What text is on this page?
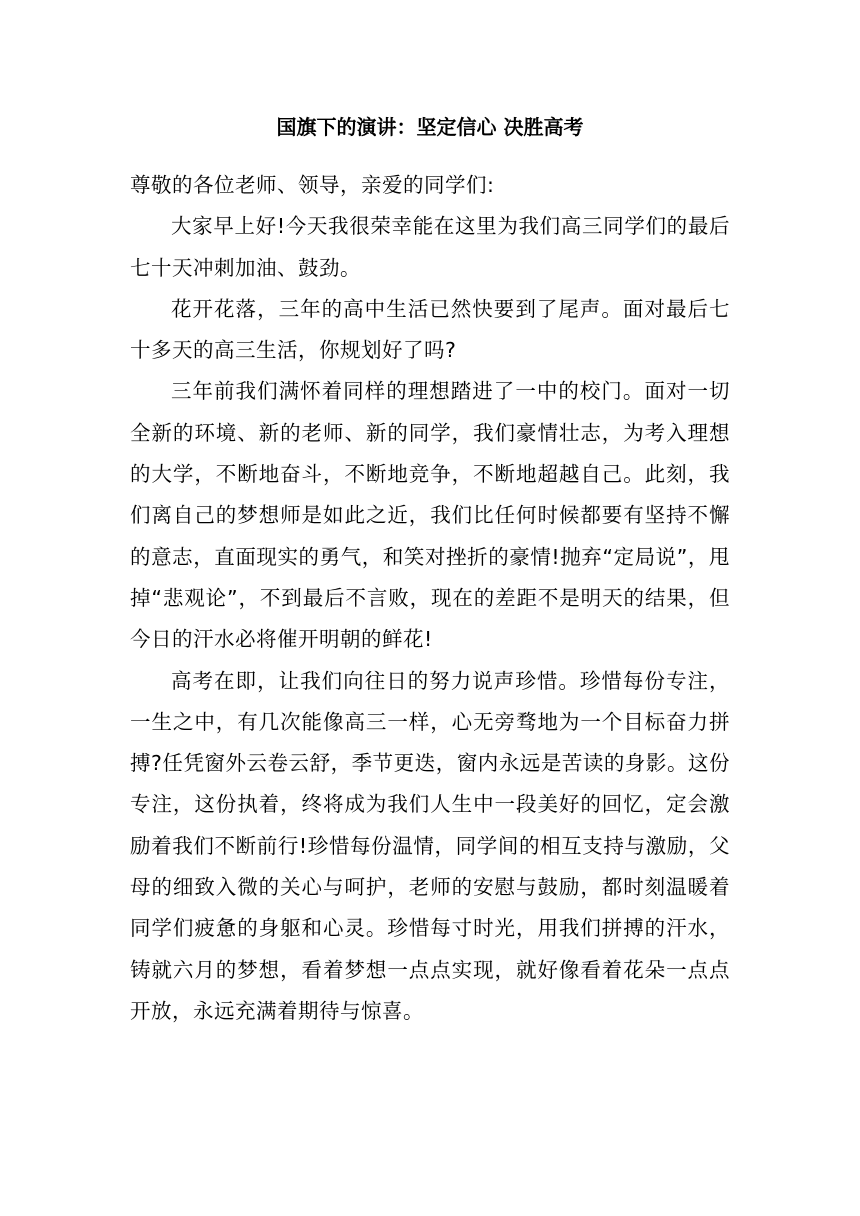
国旗下的演讲：坚定信心 决胜高考

尊敬的各位老师、领导，亲爱的同学们:

大家早上好!今天我很荣幸能在这里为我们高三同学们的最后七十天冲刺加油、鼓劲。

花开花落，三年的高中生活已然快要到了尾声。面对最后七十多天的高三生活，你规划好了吗?

三年前我们满怀着同样的理想踏进了一中的校门。面对一切全新的环境、新的老师、新的同学，我们豪情壮志，为考入理想的大学，不断地奋斗，不断地竞争，不断地超越自己。此刻，我们离自己的梦想师是如此之近，我们比任何时候都要有坚持不懈的意志，直面现实的勇气，和笑对挫折的豪情!抛弃“定局说”，甩掉“悲观论”，不到最后不言败，现在的差距不是明天的结果，但今日的汗水必将催开明朝的鲜花!

高考在即，让我们向往日的努力说声珍惜。珍惜每份专注，一生之中，有几次能像高三一样，心无旁骛地为一个目标奋力拼搏?任凭窗外云卷云舒，季节更迭，窗内永远是苦读的身影。这份专注，这份执着，终将成为我们人生中一段美好的回忆，定会激励着我们不断前行!珍惜每份温情，同学间的相互支持与激励，父母的细致入微的关心与呵护，老师的安慰与鼓励，都时刻温暖着同学们疲惫的身躯和心灵。珍惜每寸时光，用我们拼搏的汗水，铸就六月的梦想，看着梦想一点点实现，就好像看着花朵一点点开放，永远充满着期待与惊喜。
